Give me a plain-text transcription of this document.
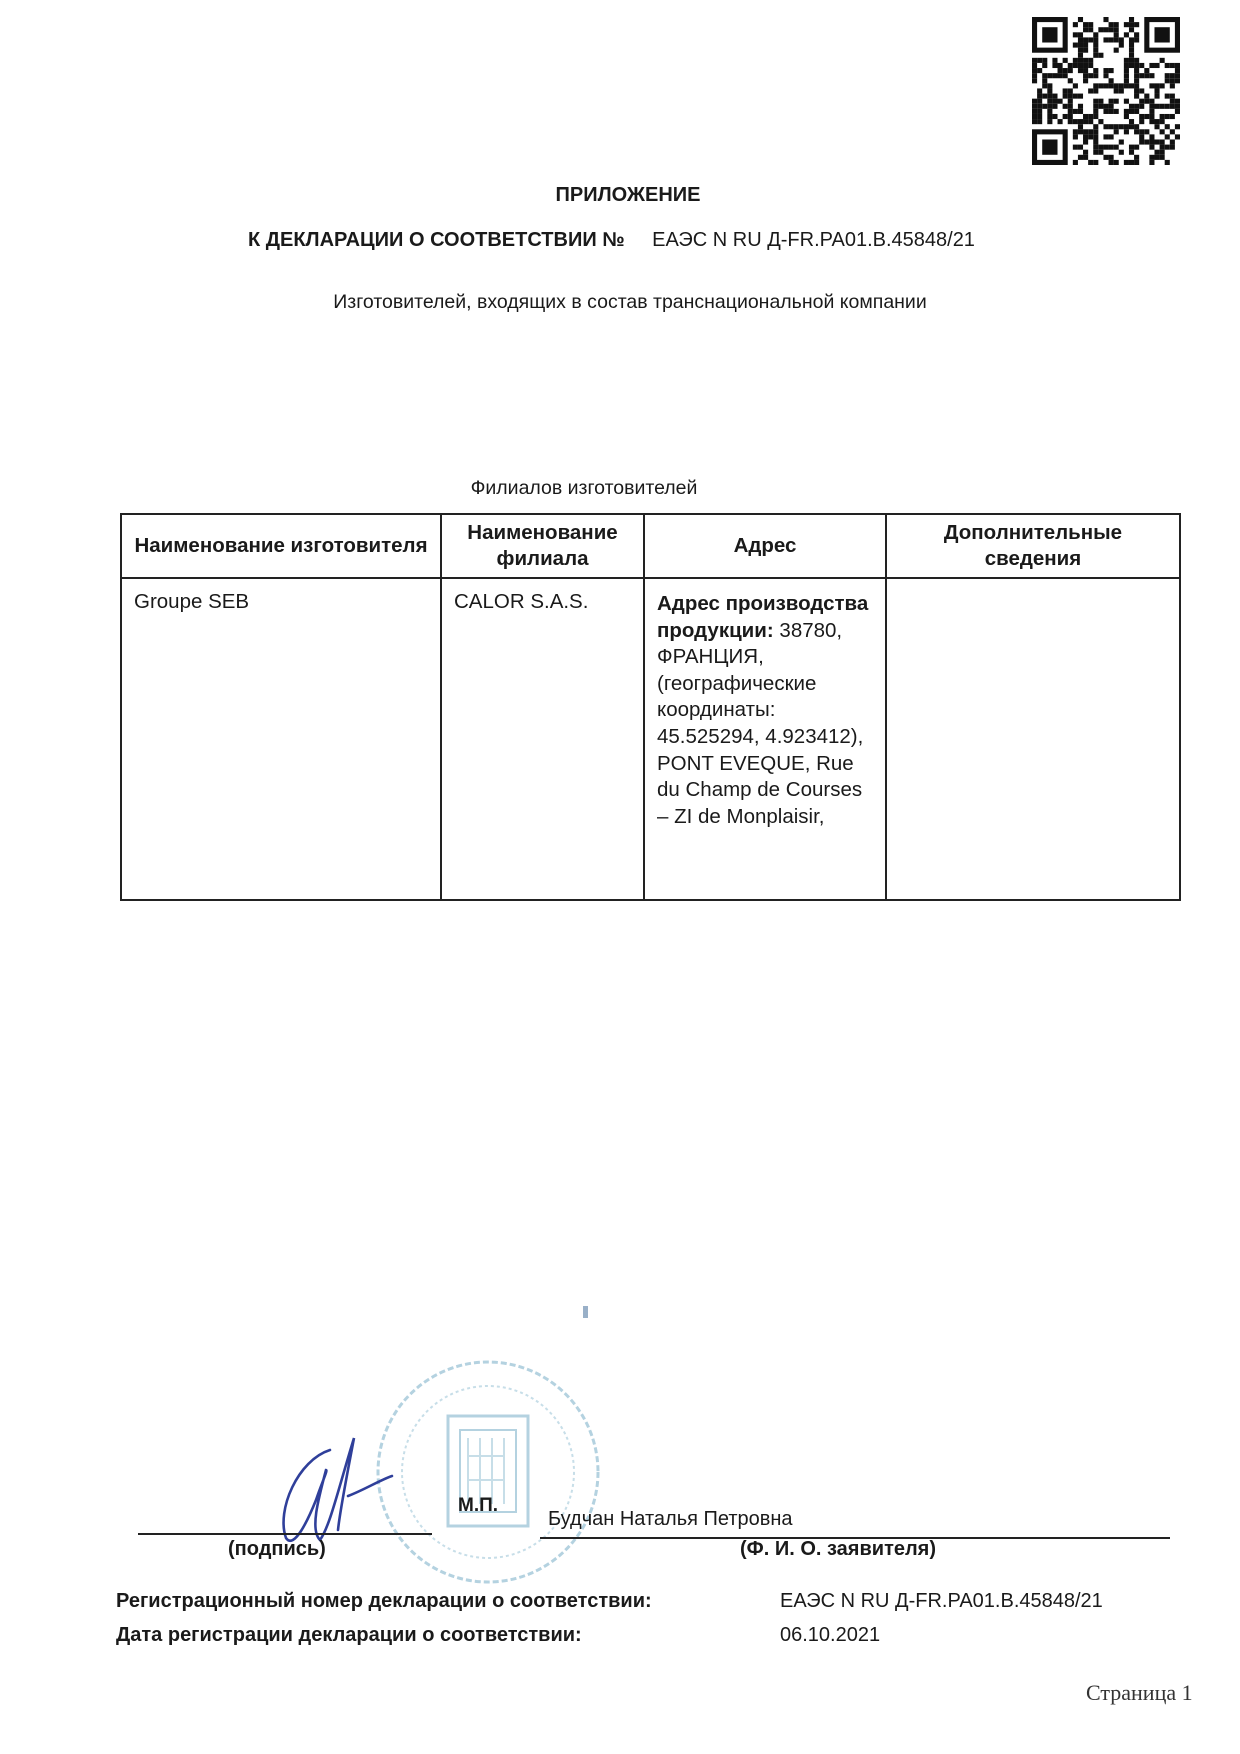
ПРИЛОЖЕНИЕ
К ДЕКЛАРАЦИИ О СООТВЕТСТВИИ № ЕАЭС N RU Д-FR.PA01.B.45848/21
Изготовителей, входящих в состав транснациональной компании
Филиалов изготовителей
Наименование изготовителя	Наименование филиала	Адрес	Дополнительные сведения
Groupe SEB	CALOR S.A.S.	Адрес производства продукции: 38780, ФРАНЦИЯ, (географические координаты: 45.525294, 4.923412), PONT EVEQUE, Rue du Champ de Courses – ZI de Monplaisir,	
М.П.
Будчан Наталья Петровна
(подпись)	(Ф. И. О. заявителя)
Регистрационный номер декларации о соответствии:	ЕАЭС N RU Д-FR.PA01.B.45848/21
Дата регистрации декларации о соответствии:	06.10.2021
Страница 1
